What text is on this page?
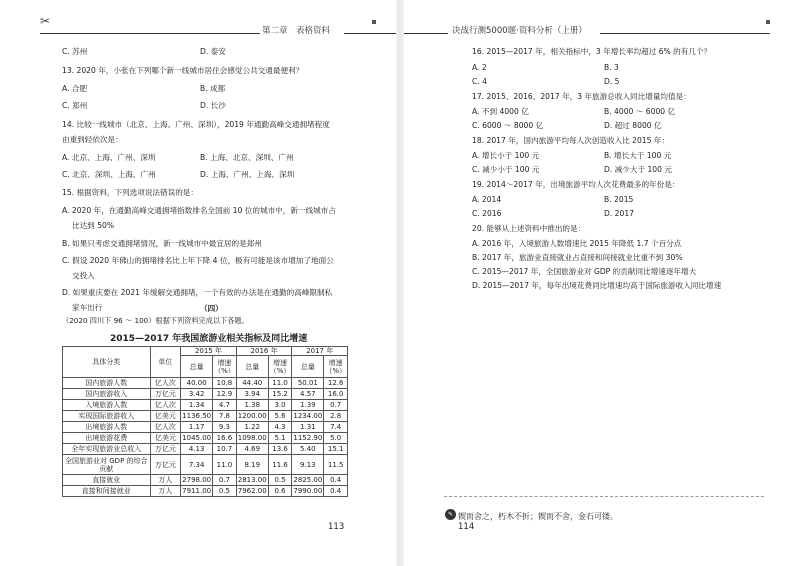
✂
第二章　表格资料
C. 苏州	D. 泰安
13. 2020 年，小张在下列哪个新一线城市居住会感觉公共交通最便利？
A. 合肥	B. 成都
C. 郑州	D. 长沙
14. 比较一线城市（北京、上海、广州、深圳），2019 年通勤高峰交通拥堵程度
由重到轻依次是：
A. 北京、上海、广州、深圳	B. 上海、北京、深圳、广州
C. 北京、深圳、上海、广州	D. 上海、广州、上海、深圳
15. 根据资料，下列选项说法错误的是：
A. 2020 年，在通勤高峰交通拥堵指数排名全国前 10 位的城市中，新一线城市占
比达到 50%
B. 如果只考虑交通拥堵情况，新一线城市中最宜居的是郑州
C. 假设 2020 年佛山的拥堵排名比上年下降 4 位，极有可能是该市增加了地面公
交投入
D. 如果重庆要在 2021 年缓解交通拥堵，一个有效的办法是在通勤的高峰限制私
家车出行	（四）
（2020 四川下 96 ～ 100）根据下列资料完成以下各题。
2015—2017 年我国旅游业相关指标及同比增速
具体分类	单位	2015 年		2016 年		2017 年	
		总量	增速（%）	总量	增速（%）	总量	增速（%）
国内旅游人数	亿人次	40.00	10.8	44.40	11.0	50.01	12.6
国内旅游收入	万亿元	3.42	12.9	3.94	15.2	4.57	16.0
入境旅游人数	亿人次	1.34	4.7	1.38	3.0	1.39	0.7
实现国际旅游收入	亿美元	1136.50	7.8	1200.00	5.6	1234.00	2.8
出境旅游人数	亿人次	1.17	9.3	1.22	4.3	1.31	7.4
出境旅游花费	亿美元	1045.00	16.6	1098.00	5.1	1152.90	5.0
全年实现旅游业总收入	万亿元	4.13	10.7	4.69	13.6	5.40	15.1
全国旅游业对 GDP 的综合贡献	万亿元	7.34	11.0	8.19	11.6	9.13	11.5
直接就业	万人	2798.00	0.7	2813.00	0.5	2825.00	0.4
直接和间接就业	万人	7911.00	0.5	7962.00	0.6	7990.00	0.4
113
决战行测5000题·资料分析（上册）
16. 2015—2017 年，相关指标中，3 年增长率均超过 6% 的有几个？
A. 2	B. 3
C. 4	D. 5
17. 2015、2016、2017 年，3 年旅游总收入同比增量均值是：
A. 不到 4000 亿	B. 4000 ～ 6000 亿
C. 6000 ～ 8000 亿	D. 超过 8000 亿
18. 2017 年，国内旅游平均每人次创造收入比 2015 年：
A. 增长小于 100 元	B. 增长大于 100 元
C. 减少小于 100 元	D. 减少大于 100 元
19. 2014～2017 年，出境旅游平均人次花费最多的年份是：
A. 2014	B. 2015
C. 2016	D. 2017
20. 能够从上述资料中推出的是：
A. 2016 年，入境旅游人数增速比 2015 年降低 1.7 个百分点
B. 2017 年，旅游业直接就业占直接和间接就业比重不到 30%
C. 2015—2017 年，全国旅游业对 GDP 的贡献同比增速逐年增大
D. 2015—2017 年，每年出境花费同比增速均高于国际旅游收入同比增速
✎ 锲而舍之，朽木不折；锲而不舍，金石可镂。
114
